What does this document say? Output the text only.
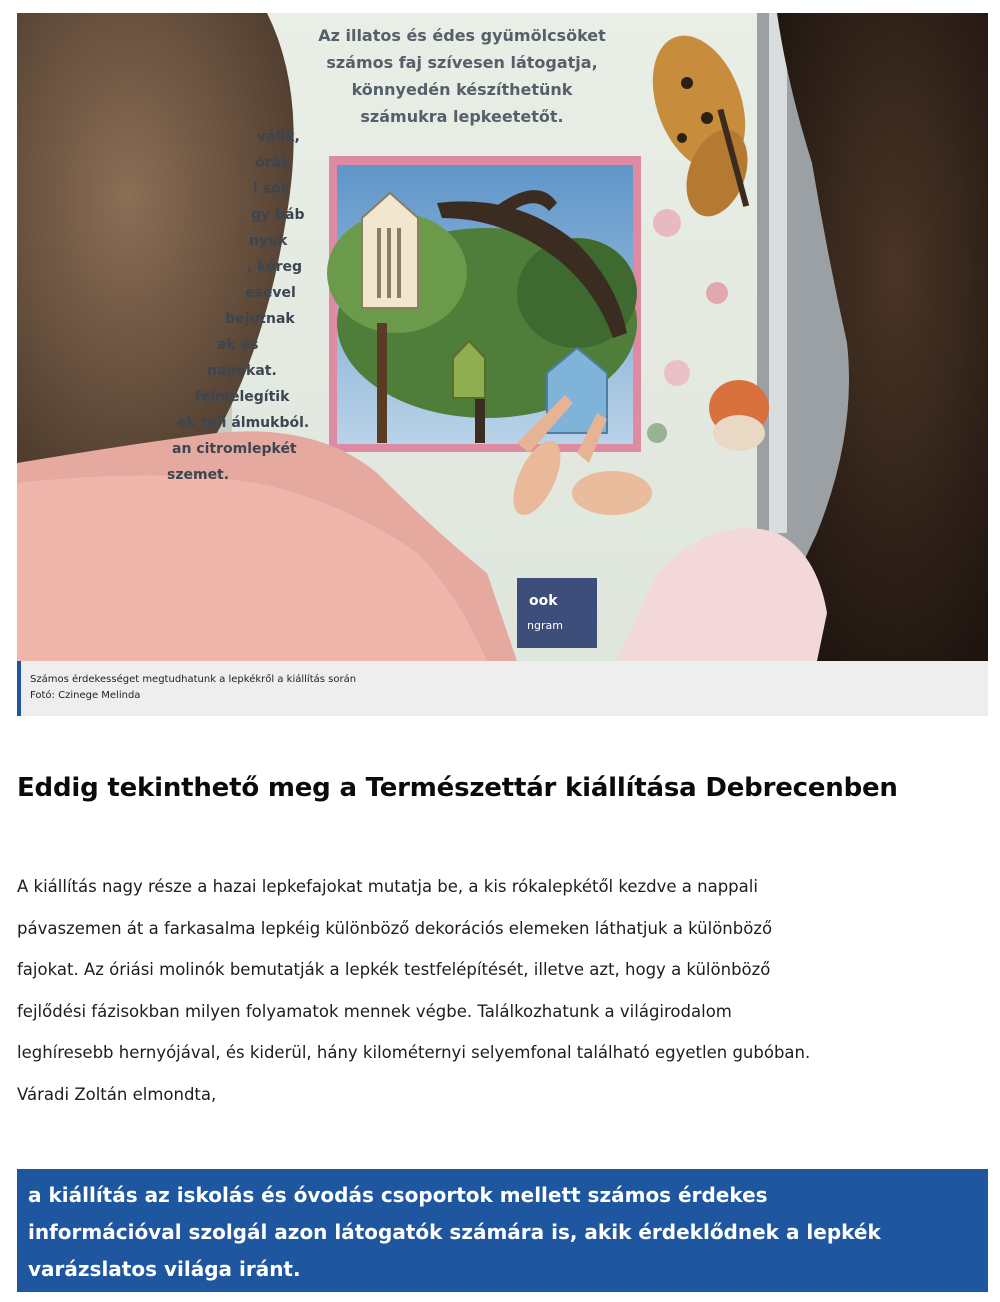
ook
ngram
Az illatos és édes gyümölcsöket
számos faj szívesen látogatja,
könnyedén készíthetünk
számukra lepkeetetőt.
válik,
órák
i sok
gy báb
nyuk
, kéreg
esével
bejutnak
ak és
napokat.
felmelegítik
ek téli álmukból.
an citromlepkét
szemet.
Számos érdekességet megtudhatunk a lepkékről a kiállítás során
Fotó: Czinege Melinda
Eddig tekinthető meg a Természettár kiállítása Debrecenben

A kiállítás nagy része a hazai lepkefajokat mutatja be, a kis rókalepkétől kezdve a nappali
pávaszemen át a farkasalma lepkéig különböző dekorációs elemeken láthatjuk a különböző
fajokat. Az óriási molinók bemutatják a lepkék testfelépítését, illetve azt, hogy a különböző
fejlődési fázisokban milyen folyamatok mennek végbe. Találkozhatunk a világirodalom
leghíresebb hernyójával, és kiderül, hány kilométernyi selyemfonal található egyetlen gubóban.
Váradi Zoltán elmondta,

a kiállítás az iskolás és óvodás csoportok mellett számos érdekes
információval szolgál azon látogatók számára is, akik érdeklődnek a lepkék
varázslatos világa iránt.
